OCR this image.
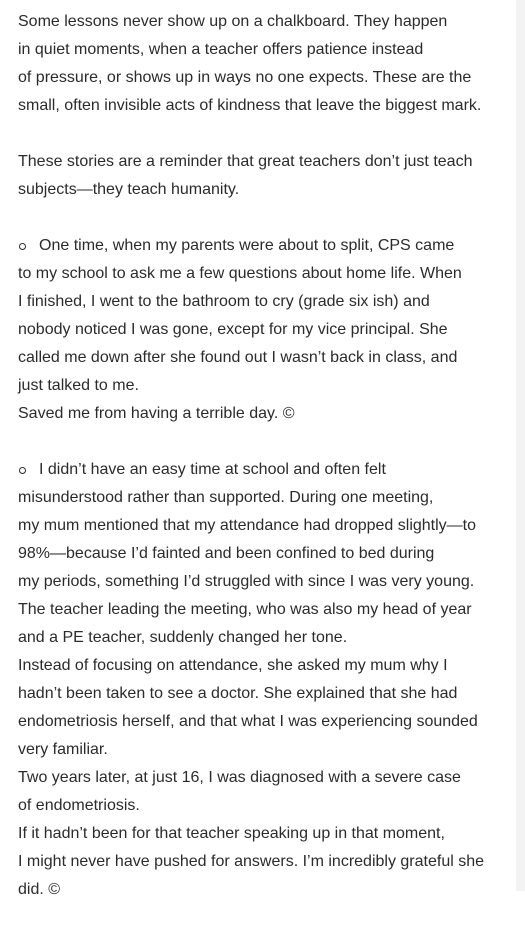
Some lessons never show up on a chalkboard. They happen
in quiet moments, when a teacher offers patience instead
of pressure, or shows up in ways no one expects. These are the
small, often invisible acts of kindness that leave the biggest mark.

These stories are a reminder that great teachers don’t just teach
subjects—they teach humanity.

One time, when my parents were about to split, CPS came
to my school to ask me a few questions about home life. When
I finished, I went to the bathroom to cry (grade six ish) and
nobody noticed I was gone, except for my vice principal. She
called me down after she found out I wasn’t back in class, and
just talked to me.
Saved me from having a terrible day. ©
I didn’t have an easy time at school and often felt
misunderstood rather than supported. During one meeting,
my mum mentioned that my attendance had dropped slightly—to
98%—because I’d fainted and been confined to bed during
my periods, something I’d struggled with since I was very young.
The teacher leading the meeting, who was also my head of year
and a PE teacher, suddenly changed her tone.
Instead of focusing on attendance, she asked my mum why I
hadn’t been taken to see a doctor. She explained that she had
endometriosis herself, and that what I was experiencing sounded
very familiar.
Two years later, at just 16, I was diagnosed with a severe case
of endometriosis.
If it hadn’t been for that teacher speaking up in that moment,
I might never have pushed for answers. I’m incredibly grateful she
did. ©
